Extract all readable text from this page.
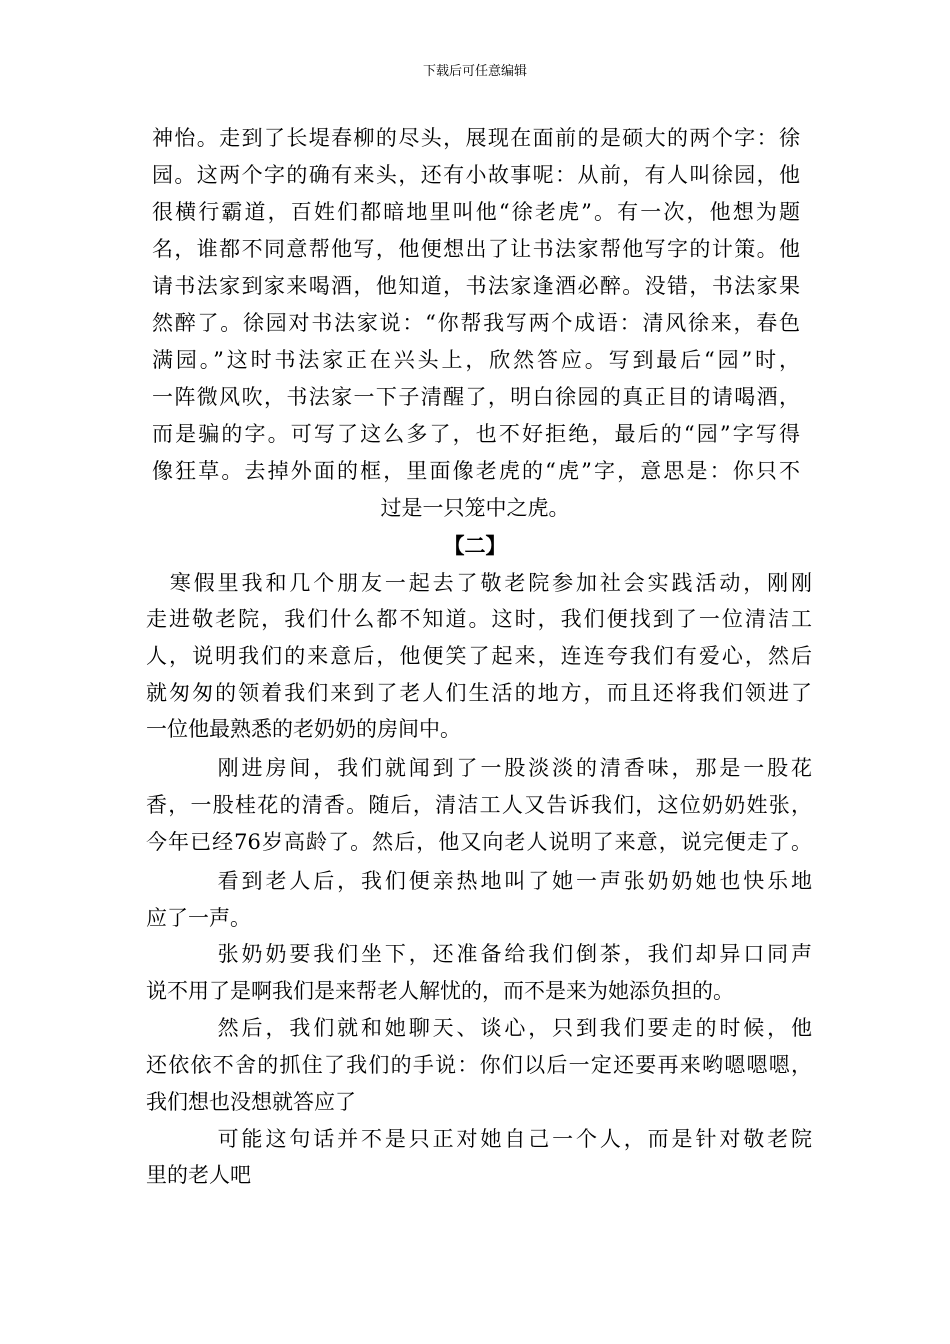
下载后可任意编辑

神怡。走到了长堤春柳的尽头，展现在面前的是硕大的两个字：徐

园。这两个字的确有来头，还有小故事呢：从前，有人叫徐园，他

很横行霸道，百姓们都暗地里叫他“徐老虎”。有一次，他想为题

名，谁都不同意帮他写，他便想出了让书法家帮他写字的计策。他

请书法家到家来喝酒，他知道，书法家逢酒必醉。没错，书法家果

然醉了。徐园对书法家说：“你帮我写两个成语：清风徐来，春色

满园。”这时书法家正在兴头上，欣然答应。写到最后“园”时，

一阵微风吹，书法家一下子清醒了，明白徐园的真正目的请喝酒，

而是骗的字。可写了这么多了，也不好拒绝，最后的“园”字写得

像狂草。去掉外面的框，里面像老虎的“虎”字，意思是：你只不

过是一只笼中之虎。

【二】

　寒假里我和几个朋友一起去了敬老院参加社会实践活动，刚刚

走进敬老院，我们什么都不知道。这时，我们便找到了一位清洁工

人，说明我们的来意后，他便笑了起来，连连夸我们有爱心，然后

就匆匆的领着我们来到了老人们生活的地方，而且还将我们领进了

一位他最熟悉的老奶奶的房间中。

　　　刚进房间，我们就闻到了一股淡淡的清香味，那是一股花

香，一股桂花的清香。随后，清洁工人又告诉我们，这位奶奶姓张，

今年已经76岁高龄了。然后，他又向老人说明了来意，说完便走了。

　　　看到老人后，我们便亲热地叫了她一声张奶奶她也快乐地

应了一声。

　　　张奶奶要我们坐下，还准备给我们倒茶，我们却异口同声

说不用了是啊我们是来帮老人解忧的，而不是来为她添负担的。

　　　然后，我们就和她聊天、谈心，只到我们要走的时候，他

还依依不舍的抓住了我们的手说：你们以后一定还要再来哟嗯嗯嗯，

我们想也没想就答应了

　　　可能这句话并不是只正对她自己一个人，而是针对敬老院

里的老人吧
